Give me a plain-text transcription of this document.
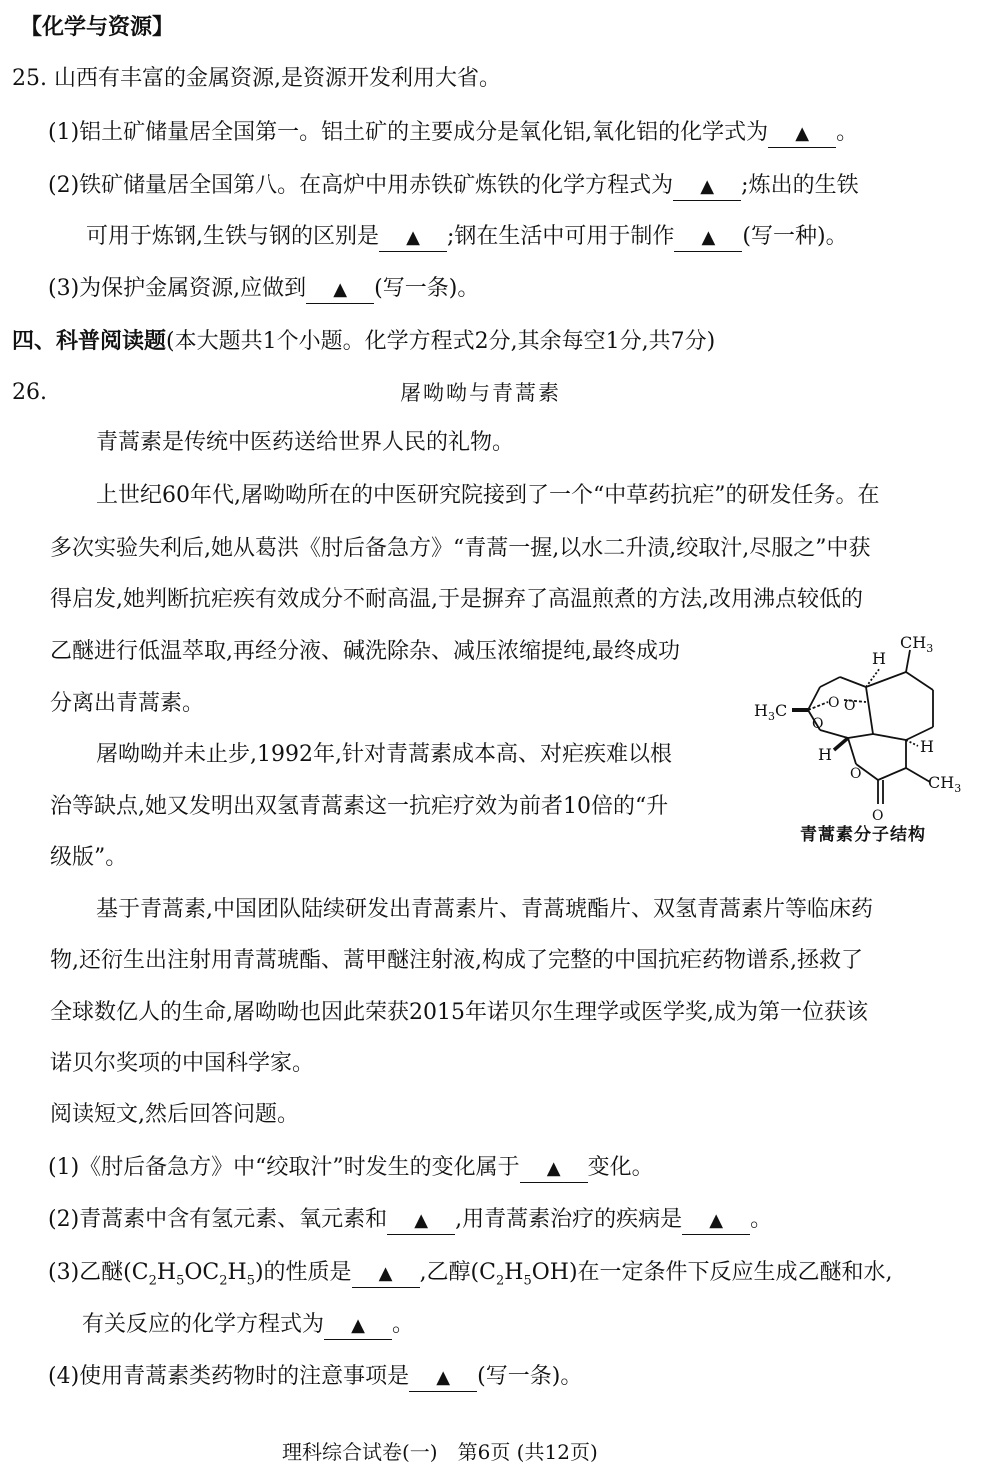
【化学与资源】
25. 山西有丰富的金属资源,是资源开发利用大省。
(1)铝土矿储量居全国第一。铝土矿的主要成分是氧化铝,氧化铝的化学式为 ▲ 。
(2)铁矿储量居全国第八。在高炉中用赤铁矿炼铁的化学方程式为 ▲ ;炼出的生铁
可用于炼钢,生铁与钢的区别是 ▲ ;钢在生活中可用于制作 ▲ (写一种)。
(3)为保护金属资源,应做到 ▲ (写一条)。
四、科普阅读题(本大题共1个小题。化学方程式2分,其余每空1分,共7分)
26.	屠呦呦与青蒿素
青蒿素是传统中医药送给世界人民的礼物。
上世纪60年代,屠呦呦所在的中医研究院接到了一个“中草药抗疟”的研发任务。在
多次实验失利后,她从葛洪《肘后备急方》“青蒿一握,以水二升渍,绞取汁,尽服之”中获
得启发,她判断抗疟疾有效成分不耐高温,于是摒弃了高温煎煮的方法,改用沸点较低的
乙醚进行低温萃取,再经分液、碱洗除杂、减压浓缩提纯,最终成功
分离出青蒿素。
屠呦呦并未止步,1992年,针对青蒿素成本高、对疟疾难以根
治等缺点,她又发明出双氢青蒿素这一抗疟疗效为前者10倍的“升
级版”。
$CH_3$
H
$H_3C$	O
O
O
H	H
O
O
$CH_3$
青蒿素分子结构
基于青蒿素,中国团队陆续研发出青蒿素片、青蒿琥酯片、双氢青蒿素片等临床药
物,还衍生出注射用青蒿琥酯、蒿甲醚注射液,构成了完整的中国抗疟药物谱系,拯救了
全球数亿人的生命,屠呦呦也因此荣获2015年诺贝尔生理学或医学奖,成为第一位获该
诺贝尔奖项的中国科学家。
阅读短文,然后回答问题。
(1)《肘后备急方》中“绞取汁”时发生的变化属于 ▲ 变化。
(2)青蒿素中含有氢元素、氧元素和 ▲ ,用青蒿素治疗的疾病是 ▲ 。
(3)乙醚$(C_2H_5OC_2H_5)$的性质是 ▲ ,乙醇$(C_2H_5OH)$在一定条件下反应生成乙醚和水,
有关反应的化学方程式为 ▲ 。
(4)使用青蒿素类药物时的注意事项是 ▲ (写一条)。
理科综合试卷(一)　第6页 (共12页)
